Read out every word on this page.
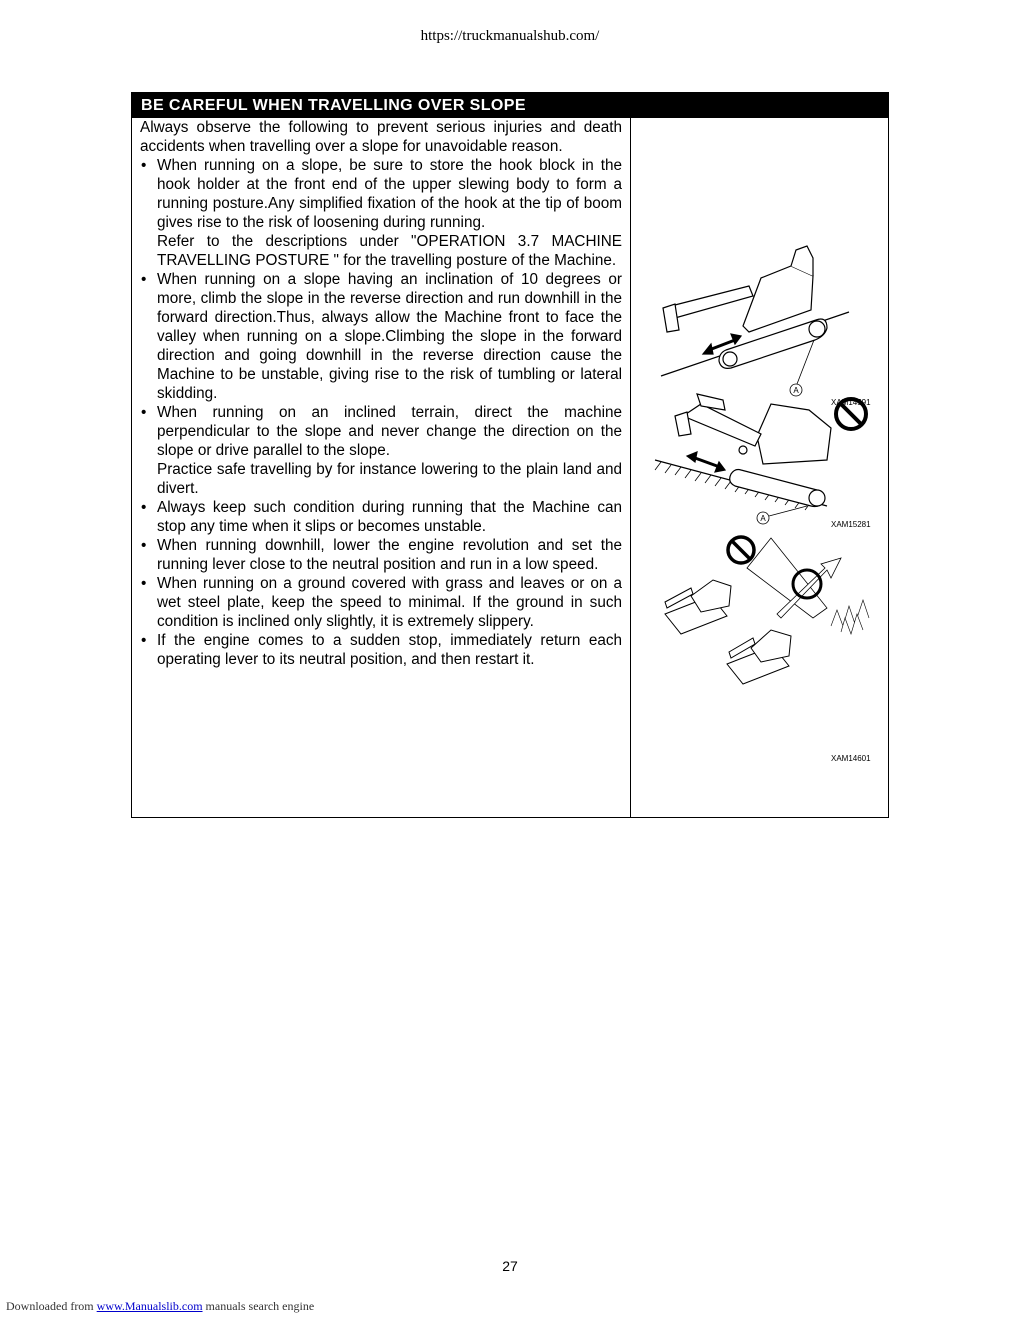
https://truckmanualshub.com/
BE CAREFUL WHEN TRAVELLING OVER SLOPE

Always observe the following to prevent serious injuries and death accidents when travelling over a slope for unavoidable reason.

• When running on a slope, be sure to store the hook block in the hook holder at the front end of the upper slewing body to form a running posture.Any simplified fixation of the hook at the tip of boom gives rise to the risk of loosening during running.

Refer to the descriptions under "OPERATION 3.7 MACHINE TRAVELLING POSTURE " for the travelling posture of the Machine.

• When running on a slope having an inclination of 10 degrees or more, climb the slope in the reverse direction and run downhill in the forward direction.Thus, always allow the Machine front to face the valley when running on a slope.Climbing the slope in the forward direction and going downhill in the reverse direction cause the Machine to be unstable, giving rise to the risk of tumbling or lateral skidding.

• When running on an inclined terrain, direct the machine perpendicular to the slope and never change the direction on the slope or drive parallel to the slope.

Practice safe travelling by for instance lowering to the plain land and divert.

• Always keep such condition during running that the Machine can stop any time when it slips or becomes unstable.

• When running downhill, lower the engine revolution and set the running lever close to the neutral position and run in a low speed.

• When running on a ground covered with grass and leaves or on a wet steel plate, keep the speed to minimal. If the ground in such condition is inclined only slightly, it is extremely slippery.

• If the engine comes to a sudden stop, immediately return each operating lever to its neutral position, and then restart it.

A
XAM14591
A
XAM15281
XAM14601
27
Downloaded from www.Manualslib.com manuals search engine
